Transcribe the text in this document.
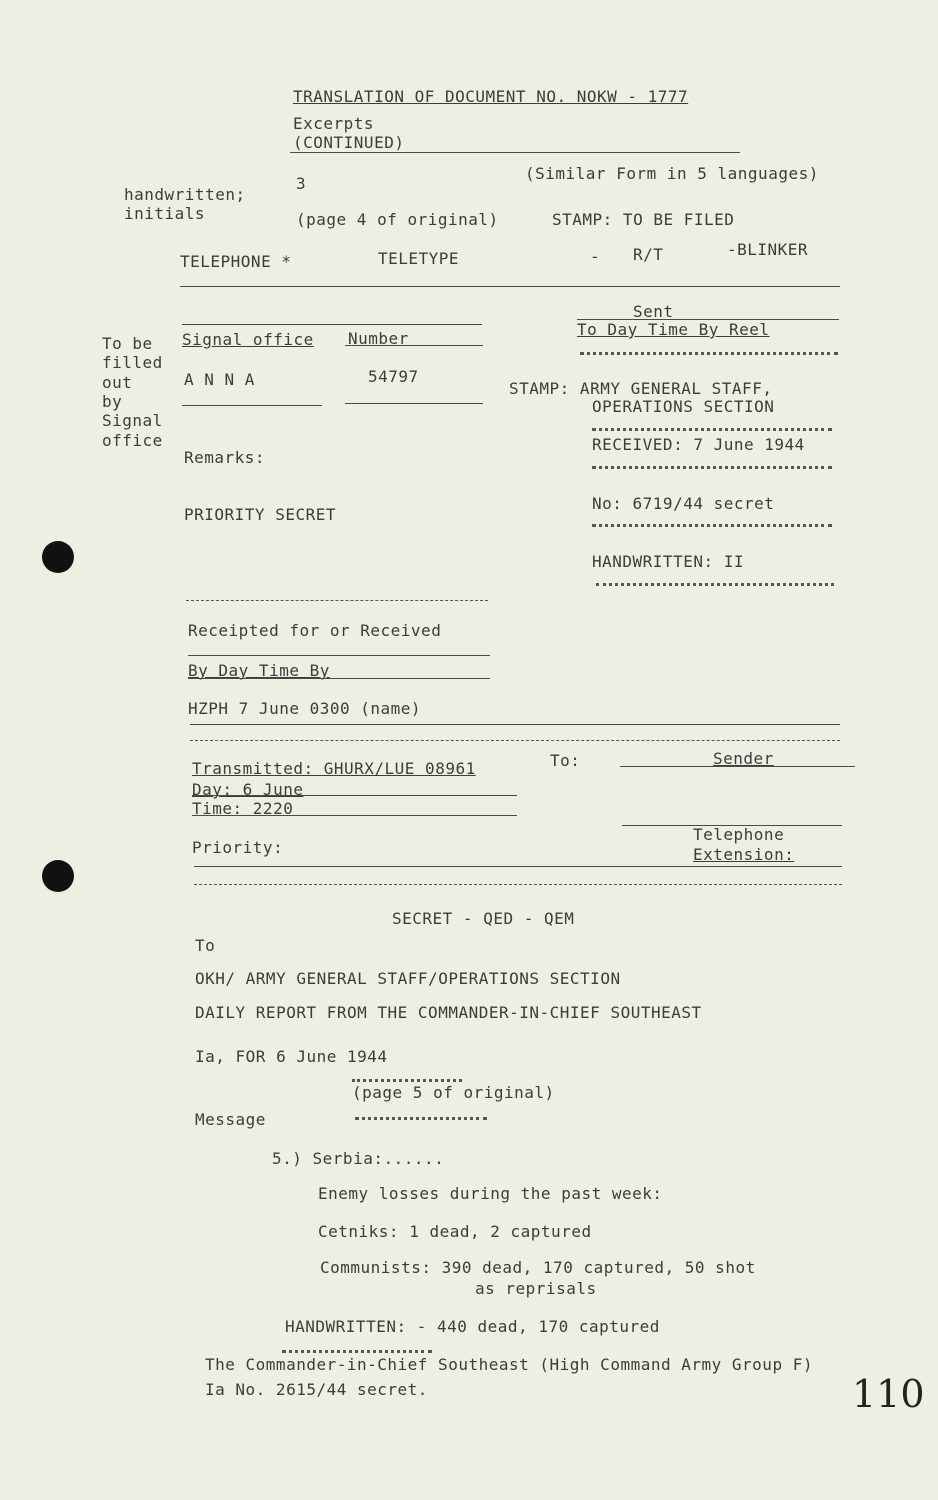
TRANSLATION OF DOCUMENT NO. NOKW - 1777
Excerpts
(CONTINUED)
handwritten;
initials
3
(Similar Form in 5 languages)
(page 4 of original)	STAMP: TO BE FILED
TELEPHONE *	TELETYPE	- R/T	-BLINKER
To be
filled
out
by
Signal
office
Signal office Number
A N N A	54797
Remarks:
PRIORITY SECRET
Sent
To Day Time By Reel
STAMP: ARMY GENERAL STAFF,
OPERATIONS SECTION
RECEIVED: 7 June 1944
No: 6719/44 secret
HANDWRITTEN: II
Receipted for or Received
By Day Time By
HZPH 7 June 0300 (name)
Transmitted: GHURX/LUE 08961	To:	Sender
Day: 6 June
Time: 2220
Priority:
Telephone
Extension:
SECRET - QED - QEM
To
OKH/ ARMY GENERAL STAFF/OPERATIONS SECTION
DAILY REPORT FROM THE COMMANDER-IN-CHIEF SOUTHEAST
Ia, FOR 6 June 1944
(page 5 of original)
Message
5.) Serbia:......
Enemy losses during the past week:
Cetniks: 1 dead, 2 captured
Communists: 390 dead, 170 captured, 50 shot
as reprisals
HANDWRITTEN: - 440 dead, 170 captured
The Commander-in-Chief Southeast (High Command Army Group F)
Ia No. 2615/44 secret.	110
